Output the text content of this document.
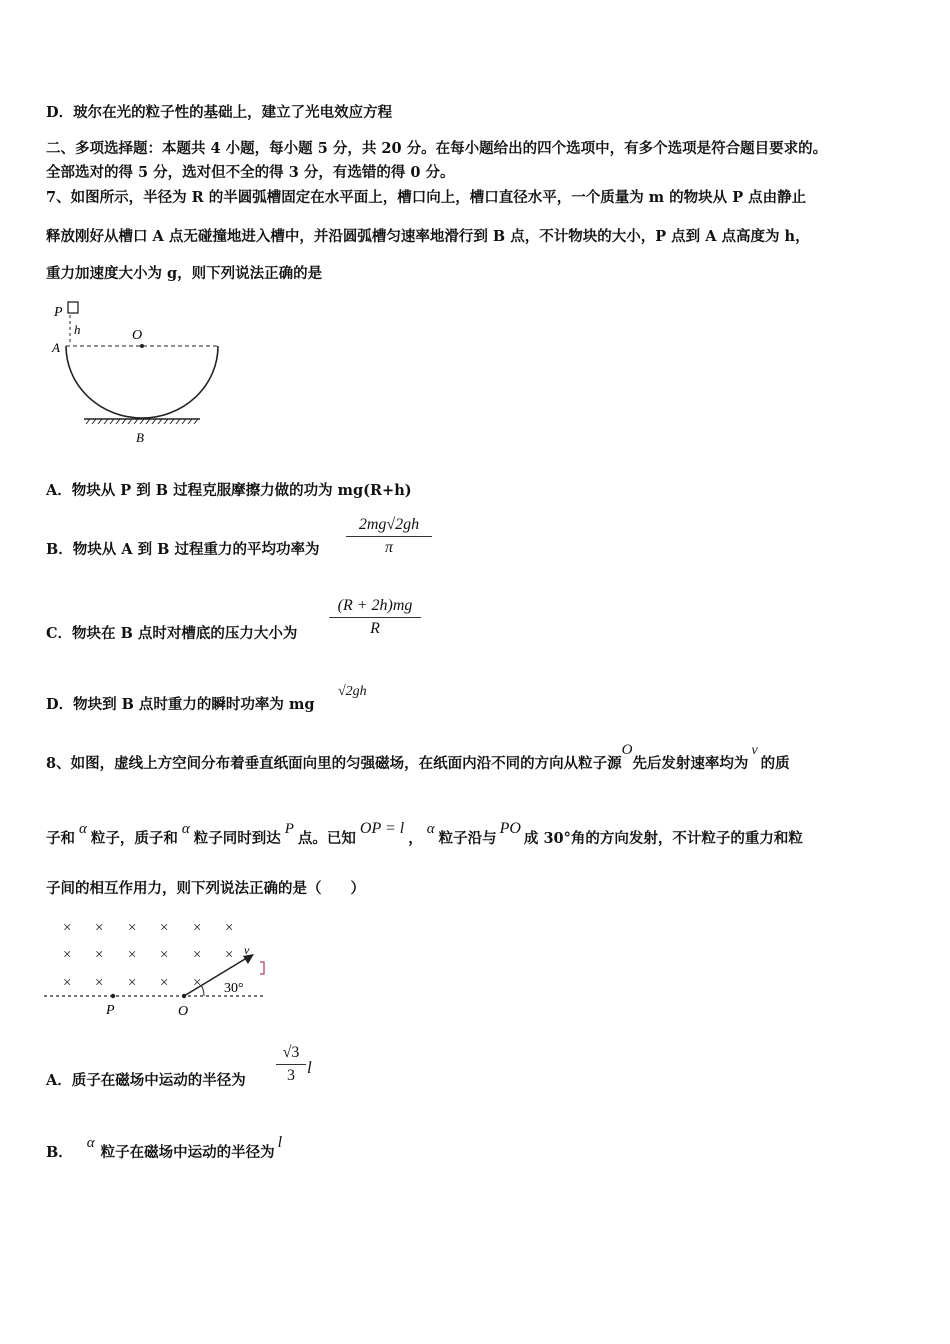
D．玻尔在光的粒子性的基础上，建立了光电效应方程
二、多项选择题：本题共 4 小题，每小题 5 分，共 20 分。在每小题给出的四个选项中，有多个选项是符合题目要求的。
全部选对的得 5 分，选对但不全的得 3 分，有选错的得 0 分。
7、如图所示，半径为 R 的半圆弧槽固定在水平面上，槽口向上，槽口直径水平，一个质量为 m 的物块从 P 点由静止
释放刚好从槽口 A 点无碰撞地进入槽中，并沿圆弧槽匀速率地滑行到 B 点，不计物块的大小，P 点到 A 点高度为 h，
重力加速度大小为 g，则下列说法正确的是
P
h
A
O
B
A．物块从 P 到 B 过程克服摩擦力做的功为 mg(R+h)
B．物块从 A 到 B 过程重力的平均功率为
2mg√2gh
π
C．物块在 B 点时对槽底的压力大小为
(R + 2h)mg
R
D．物块到 B 点时重力的瞬时功率为 mg
√2gh
8、如图，虚线上方空间分布着垂直纸面向里的匀强磁场，在纸面内沿不同的方向从粒子源O先后发射速率均为v的质
子和α粒子，质子和α粒子同时到达P点。已知OP = l，α粒子沿与PO成 30°角的方向发射，不计粒子的重力和粒
子间的相互作用力，则下列说法正确的是（　　）
× × × × × ×
× × × × × ×
× × × × ×
P	O
v
30°
A．质子在磁场中运动的半径为
√3
3 l
B．α粒子在磁场中运动的半径为l
